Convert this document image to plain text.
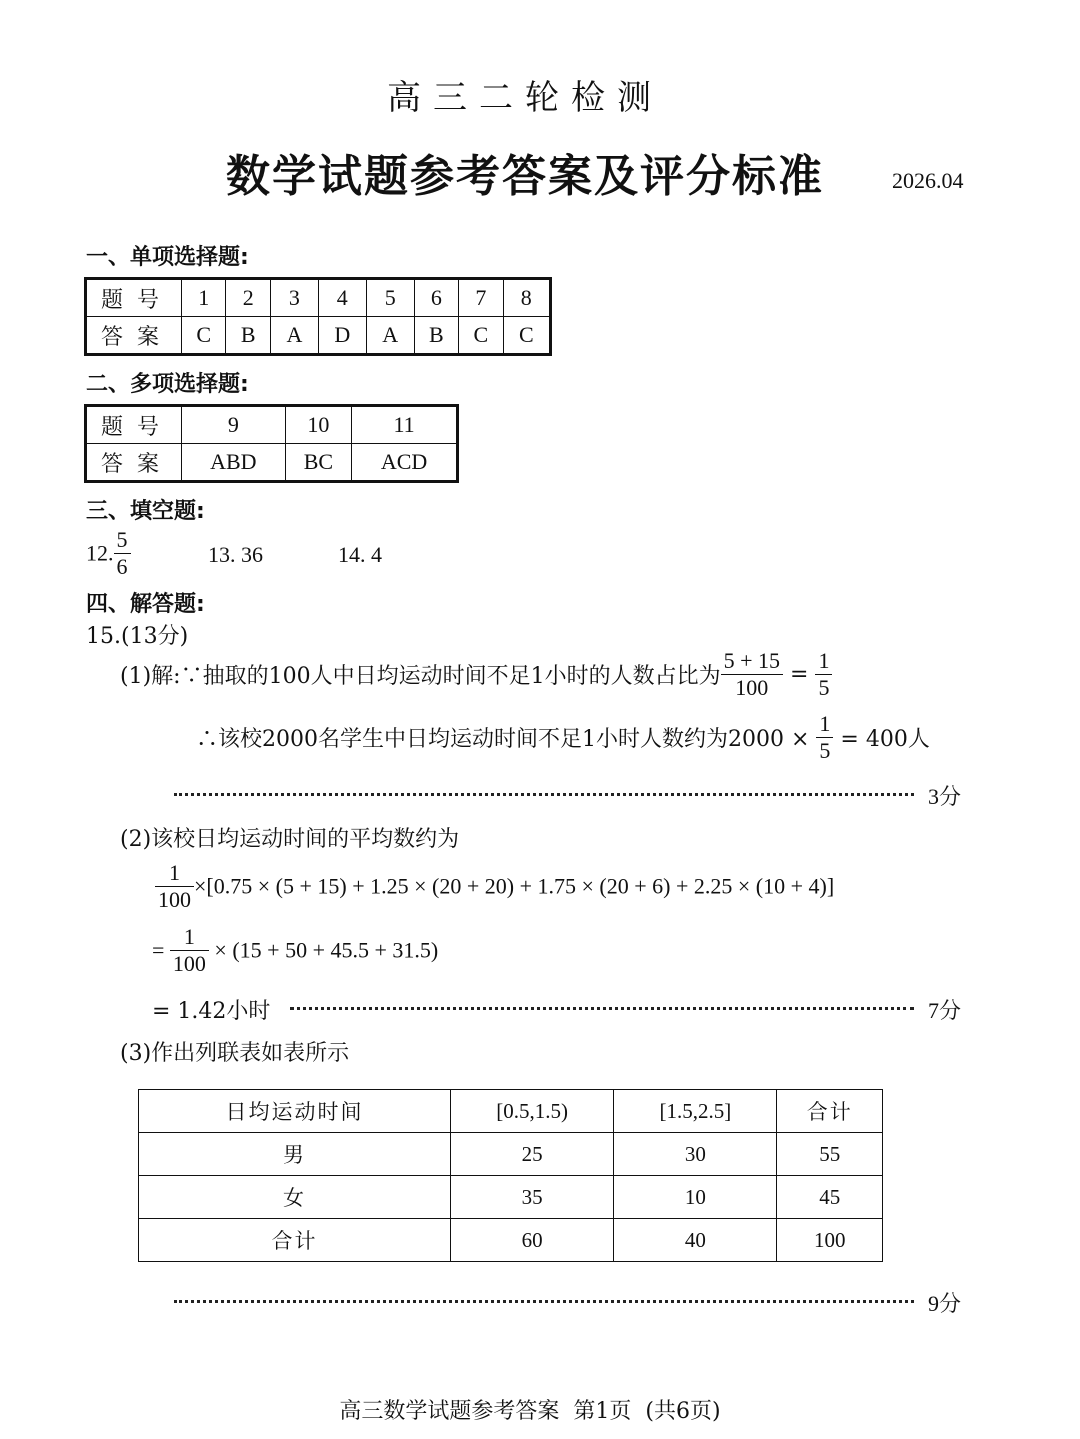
高三二轮检测
数学试题参考答案及评分标准	2026.04
一、单项选择题:
题号	1	2	3	4	5	6	7	8
答案	C	B	A	D	A	B	C	C
二、多项选择题:
题号	9	10	11
答案	ABD	BC	ACD
三、填空题:
12. $\frac{5}{6}$	13. 36	14. 4
四、解答题:
15.(13分)
(1)解:∵抽取的100人中日均运动时间不足1小时的人数占比为 $\frac{5 + 15}{100} = \frac{1}{5}$
∴该校2000名学生中日均运动时间不足1小时人数约为$2000 \times \frac{1}{5} = 400$人
3分
(2)该校日均运动时间的平均数约为
$\frac{1}{100} \times[0.75 \times (5 + 15) + 1.25 \times (20 + 20) + 1.75 \times (20 + 6) + 2.25 \times (10 + 4)]$
= $\frac{1}{100} \times (15 + 50 + 45.5 + 31.5)$
= 1.42小时	7分
(3)作出列联表如表所示
日均运动时间	[0.5,1.5)	[1.5,2.5]	合计
男	25	30	55
女	35	10	45
合计	60	40	100
9分
高三数学试题参考答案  第1页  (共6页)
